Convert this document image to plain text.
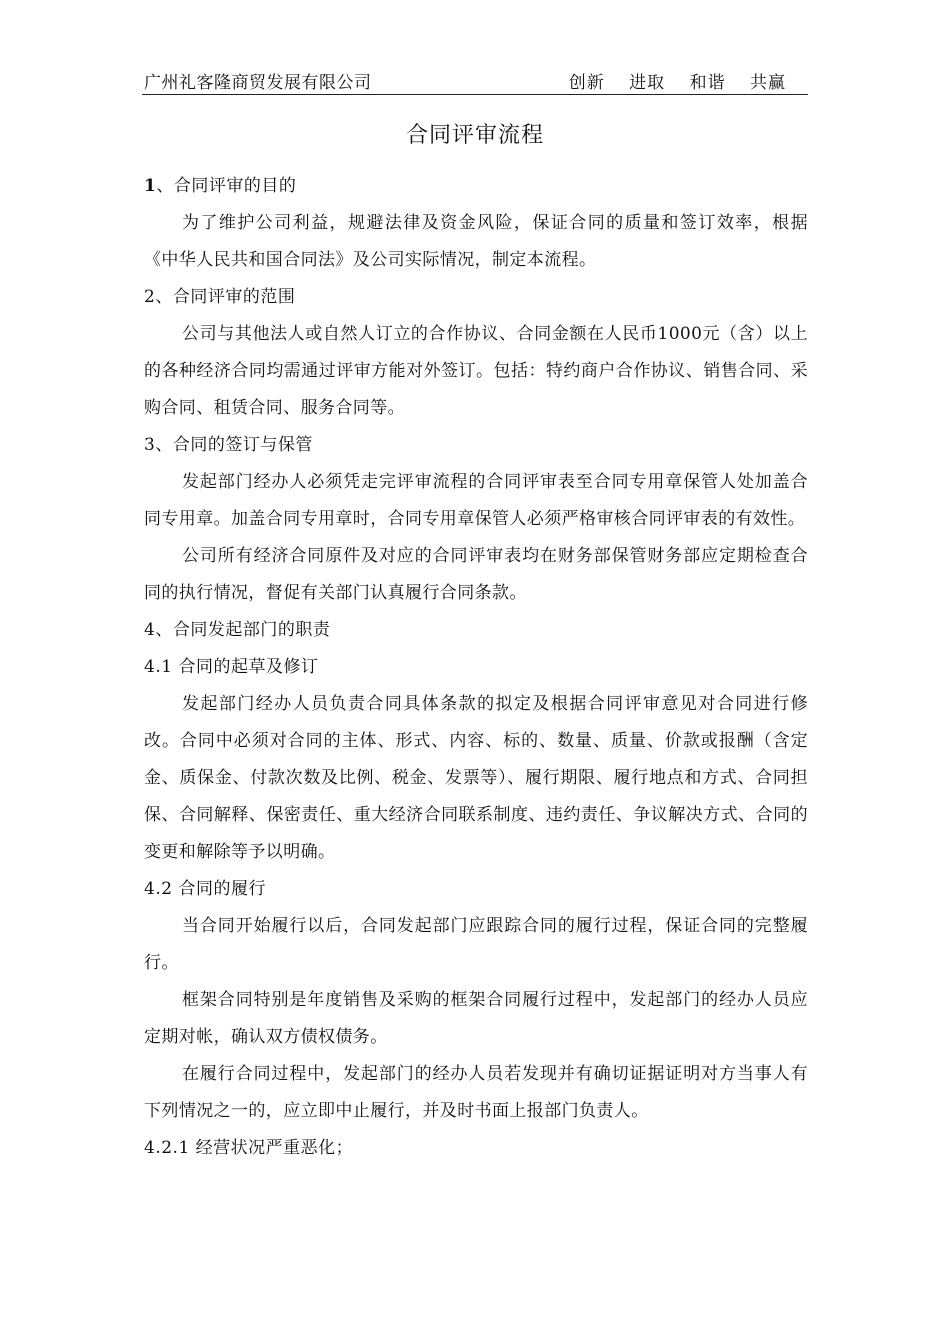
广州礼客隆商贸发展有限公司	创新 进取 和谐 共赢
合同评审流程

1、合同评审的目的

为了维护公司利益，规避法律及资金风险，保证合同的质量和签订效率，根据《中华人民共和国合同法》及公司实际情况，制定本流程。

2、合同评审的范围

公司与其他法人或自然人订立的合作协议、合同金额在人民币1000元（含）以上的各种经济合同均需通过评审方能对外签订。包括：特约商户合作协议、销售合同、采购合同、租赁合同、服务合同等。

3、合同的签订与保管

发起部门经办人必须凭走完评审流程的合同评审表至合同专用章保管人处加盖合同专用章。加盖合同专用章时，合同专用章保管人必须严格审核合同评审表的有效性。

公司所有经济合同原件及对应的合同评审表均在财务部保管财务部应定期检查合同的执行情况，督促有关部门认真履行合同条款。

4、合同发起部门的职责

4.1 合同的起草及修订

发起部门经办人员负责合同具体条款的拟定及根据合同评审意见对合同进行修改。合同中必须对合同的主体、形式、内容、标的、数量、质量、价款或报酬（含定金、质保金、付款次数及比例、税金、发票等）、履行期限、履行地点和方式、合同担保、合同解释、保密责任、重大经济合同联系制度、违约责任、争议解决方式、合同的变更和解除等予以明确。

4.2 合同的履行

当合同开始履行以后，合同发起部门应跟踪合同的履行过程，保证合同的完整履行。

框架合同特别是年度销售及采购的框架合同履行过程中，发起部门的经办人员应定期对帐，确认双方债权债务。

在履行合同过程中，发起部门的经办人员若发现并有确切证据证明对方当事人有下列情况之一的，应立即中止履行，并及时书面上报部门负责人。

4.2.1 经营状况严重恶化；
